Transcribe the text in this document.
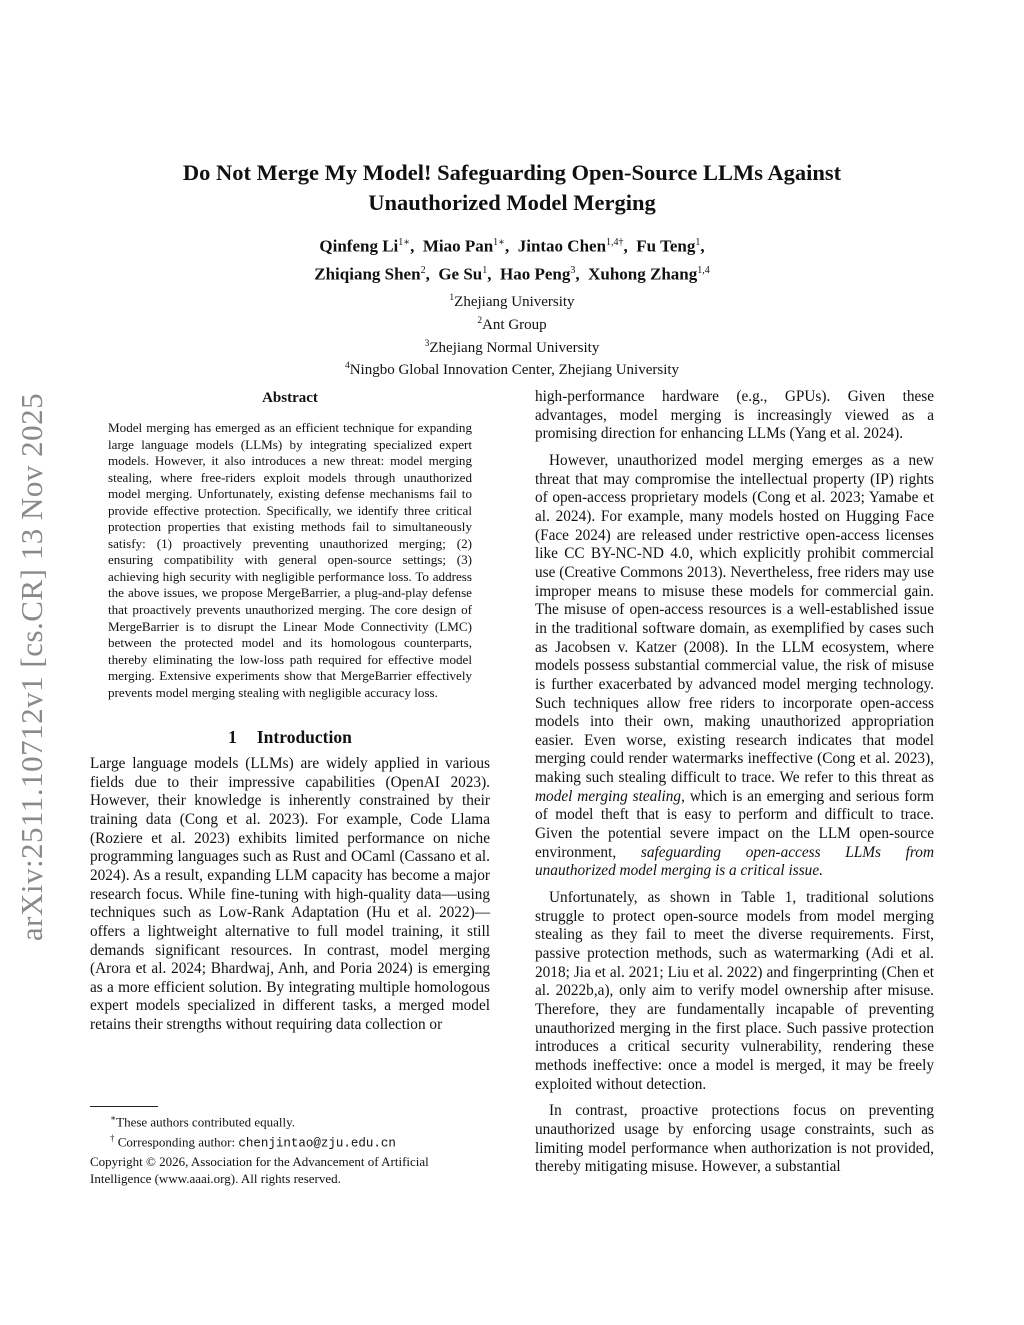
arXiv:2511.10712v1 [cs.CR] 13 Nov 2025
Do Not Merge My Model! Safeguarding Open-Source LLMs Against
Unauthorized Model Merging
Qinfeng $Li^{1∗}$,  Miao Pan$^{1∗}$,  Jintao Chen$^{1,4\dagger}$,  Fu Teng$^1$,
Zhiqiang Shen$^2$,  Ge Su$^1$,  Hao Peng$^3$,  Xuhong Zhang$^{1,4}$
$^1$Zhejiang University
$^2$Ant Group
$^3$Zhejiang Normal University
$^4$Ningbo Global Innovation Center, Zhejiang University
Abstract

Model merging has emerged as an efficient technique for expanding large language models (LLMs) by integrating specialized expert models. However, it also introduces a new threat: model merging stealing, where free-riders exploit models through unauthorized model merging. Unfortunately, existing defense mechanisms fail to provide effective protection. Specifically, we identify three critical protection properties that existing methods fail to simultaneously satisfy: (1) proactively preventing unauthorized merging; (2) ensuring compatibility with general open-source settings; (3) achieving high security with negligible performance loss. To address the above issues, we propose MergeBarrier, a plug-and-play defense that proactively prevents unauthorized merging. The core design of MergeBarrier is to disrupt the Linear Mode Connectivity (LMC) between the protected model and its homologous counterparts, thereby eliminating the low-loss path required for effective model merging. Extensive experiments show that MergeBarrier effectively prevents model merging stealing with negligible accuracy loss.

1 Introduction

Large language models (LLMs) are widely applied in various fields due to their impressive capabilities (OpenAI 2023). However, their knowledge is inherently constrained by their training data (Cong et al. 2023). For example, Code Llama (Roziere et al. 2023) exhibits limited performance on niche programming languages such as Rust and OCaml (Cassano et al. 2024). As a result, expanding LLM capacity has become a major research focus. While fine-tuning with high-quality data—using techniques such as Low-Rank Adaptation (Hu et al. 2022)—offers a lightweight alternative to full model training, it still demands significant resources. In contrast, model merging (Arora et al. 2024; Bhardwaj, Anh, and Poria 2024) is emerging as a more efficient solution. By integrating multiple homologous expert models specialized in different tasks, a merged model retains their strengths without requiring data collection or

high-performance hardware (e.g., GPUs). Given these advantages, model merging is increasingly viewed as a promising direction for enhancing LLMs (Yang et al. 2024).

However, unauthorized model merging emerges as a new threat that may compromise the intellectual property (IP) rights of open-access proprietary models (Cong et al. 2023; Yamabe et al. 2024). For example, many models hosted on Hugging Face (Face 2024) are released under restrictive open-access licenses like CC BY-NC-ND 4.0, which explicitly prohibit commercial use (Creative Commons 2013). Nevertheless, free riders may use improper means to misuse these models for commercial gain. The misuse of open-access resources is a well-established issue in the traditional software domain, as exemplified by cases such as Jacobsen v. Katzer (2008). In the LLM ecosystem, where models possess substantial commercial value, the risk of misuse is further exacerbated by advanced model merging technology. Such techniques allow free riders to incorporate open-access models into their own, making unauthorized appropriation easier. Even worse, existing research indicates that model merging could render watermarks ineffective (Cong et al. 2023), making such stealing difficult to trace. We refer to this threat as model merging stealing, which is an emerging and serious form of model theft that is easy to perform and difficult to trace. Given the potential severe impact on the LLM open-source environment, safeguarding open-access LLMs from unauthorized model merging is a critical issue.

Unfortunately, as shown in Table 1, traditional solutions struggle to protect open-source models from model merging stealing as they fail to meet the diverse requirements. First, passive protection methods, such as watermarking (Adi et al. 2018; Jia et al. 2021; Liu et al. 2022) and fingerprinting (Chen et al. 2022b,a), only aim to verify model ownership after misuse. Therefore, they are fundamentally incapable of preventing unauthorized merging in the first place. Such passive protection introduces a critical security vulnerability, rendering these methods ineffective: once a model is merged, it may be freely exploited without detection.

In contrast, proactive protections focus on preventing unauthorized usage by enforcing usage constraints, such as limiting model performance when authorization is not provided, thereby mitigating misuse. However, a substantial

∗These authors contributed equally.

† Corresponding author: chenjintao@zju.edu.cn

Copyright © 2026, Association for the Advancement of Artificial Intelligence (www.aaai.org). All rights reserved.
